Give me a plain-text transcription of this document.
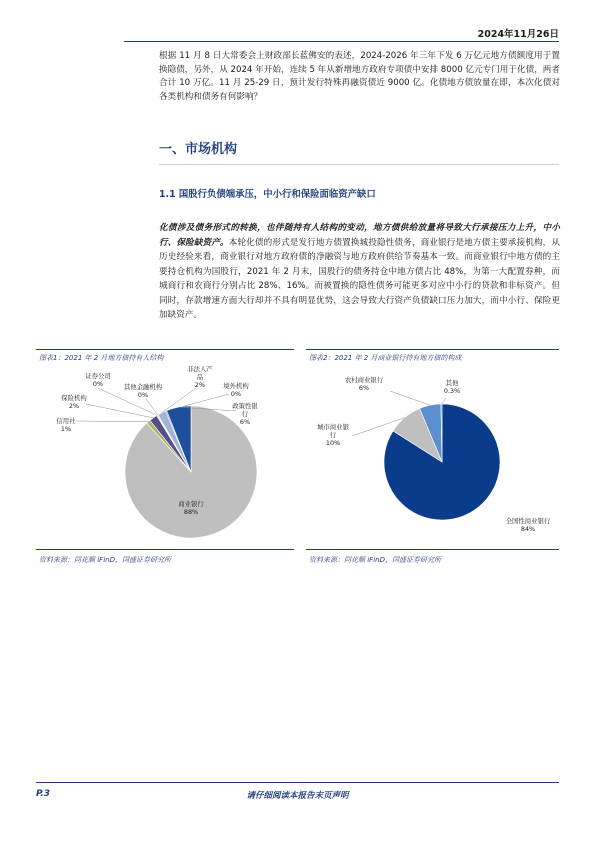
2024年11月26日
根据 11 月 8 日大常委会上财政部长蓝佛安的表述，2024-2026 年三年下发 6 万亿元地方债额度用于置换隐债，另外，从 2024 年开始，连续 5 年从新增地方政府专项债中安排 8000 亿元专门用于化债，两者合计 10 万亿。11 月 25-29 日，预计发行特殊再融资债近 9000 亿。化债地方债放量在即，本次化债对各类机构和债务有何影响？
一、市场机构
1.1 国股行负债端承压，中小行和保险面临资产缺口
化债涉及债务形式的转换，也伴随持有人结构的变动，地方债供给放量将导致大行承接压力上升，中小行、保险缺资产。本轮化债的形式是发行地方债置换城投隐性债务，商业银行是地方债主要承接机构，从历史经验来看，商业银行对地方政府债的净融资与地方政府供给节奏基本一致。而商业银行中地方债的主要持仓机构为国股行，2021 年 2 月末，国股行的债务持仓中地方债占比 48%，为第一大配置券种，而城商行和农商行分别占比 28%、16%。而被置换的隐性债务可能更多对应中小行的贷款和非标资产。但同时，存款增速方面大行却并不具有明显优势，这会导致大行资产负债缺口压力加大，而中小行、保险更加缺资产。
图表1：2021 年 2 月地方债持有人结构
商业银行 88%
信用社 1%
保险机构 2%
证券公司 0%	其他金融机构 0%
非法人产品 2%	境外机构 0%
政策性银行 6%
资料来源：同花顺 iFinD，国盛证券研究所
图表2：2021 年 2 月商业银行持有地方债的构成
全国性商业银行 84%
城市商业银行 10%
农村商业银行 6%
其他 0.3%
资料来源：同花顺 iFinD，国盛证券研究所
P.3	请仔细阅读本报告末页声明
